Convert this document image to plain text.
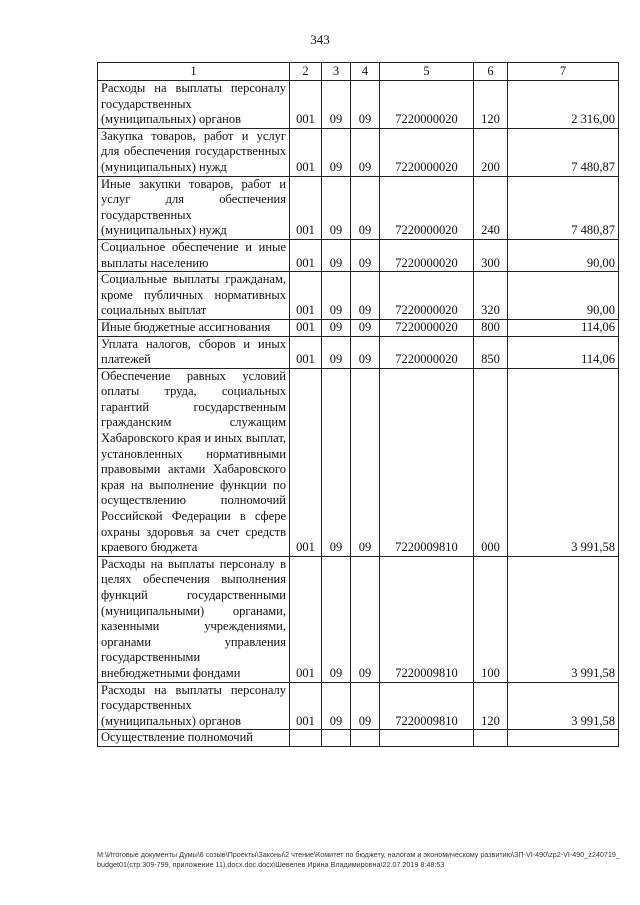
343
1	2	3	4	5	6	7
Расходы на выплаты персоналу государственных (муниципальных) органов	001	09	09	7220000020	120	2 316,00
Закупка товаров, работ и услуг для обеспечения государственных (муниципальных) нужд	001	09	09	7220000020	200	7 480,87
Иные закупки товаров, работ и услуг для обеспечения государственных (муниципальных) нужд	001	09	09	7220000020	240	7 480,87
Социальное обеспечение и иные выплаты населению	001	09	09	7220000020	300	90,00
Социальные выплаты гражданам, кроме публичных нормативных социальных выплат	001	09	09	7220000020	320	90,00
Иные бюджетные ассигнования	001	09	09	7220000020	800	114,06
Уплата налогов, сборов и иных платежей	001	09	09	7220000020	850	114,06
Обеспечение равных условий оплаты труда, социальных гарантий государственным гражданским служащим Хабаровского края и иных выплат, установленных нормативными правовыми актами Хабаровского края на выполнение функции по осуществлению полномочий Российской Федерации в сфере охраны здоровья за счет средств краевого бюджета	001	09	09	7220009810	000	3 991,58
Расходы на выплаты персоналу в целях обеспечения выполнения функций государственными (муниципальными) органами, казенными учреждениями, органами управления государственными внебюджетными фондами	001	09	09	7220009810	100	3 991,58
Расходы на выплаты персоналу государственных (муниципальных) органов	001	09	09	7220009810	120	3 991,58
Осуществление полномочий						
M:\Итоговые документы Думы\6 созыв\Проекты\Законы\2 чтение\Комитет по бюджету, налогам и экономическому развитию\ЗП-VI-490\zp2-VI-490_z240719_budget01(стр.309-799, приложение 11).docx.doc.docx\Шевелев Ирина Владимировна\22.07.2019 8:48:53
